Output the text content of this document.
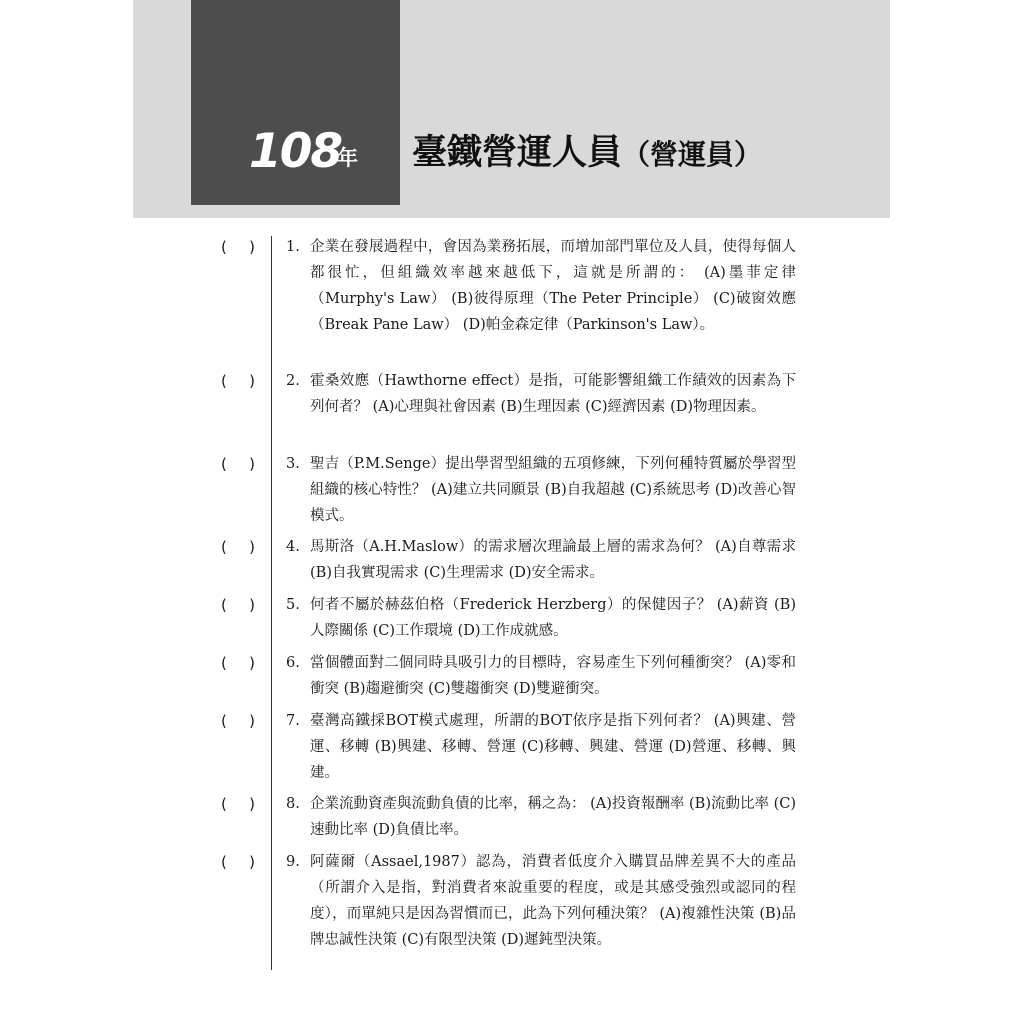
108
年 臺鐵營運人員（營運員）
( ) 1. 企業在發展過程中，會因為業務拓展，而增加部門單位及人員，使得每個人都很忙，但組織效率越來越低下，這就是所謂的： (A)墨菲定律（Murphy's Law） (B)彼得原理（The Peter Principle） (C)破窗效應（Break Pane Law） (D)帕金森定律（Parkinson's Law）。

( ) 2. 霍桑效應（Hawthorne effect）是指，可能影響組織工作績效的因素為下列何者？ (A)心理與社會因素 (B)生理因素 (C)經濟因素 (D)物理因素。

( ) 3. 聖吉（P.M.Senge）提出學習型組織的五項修練，下列何種特質屬於學習型組織的核心特性？ (A)建立共同願景 (B)自我超越 (C)系統思考 (D)改善心智模式。

( ) 4. 馬斯洛（A.H.Maslow）的需求層次理論最上層的需求為何？ (A)自尊需求 (B)自我實現需求 (C)生理需求 (D)安全需求。

( ) 5. 何者不屬於赫茲伯格（Frederick Herzberg）的保健因子？ (A)薪資 (B)人際關係 (C)工作環境 (D)工作成就感。

( ) 6. 當個體面對二個同時具吸引力的目標時，容易產生下列何種衝突？ (A)零和衝突 (B)趨避衝突 (C)雙趨衝突 (D)雙避衝突。

( ) 7. 臺灣高鐵採BOT模式處理，所謂的BOT依序是指下列何者？ (A)興建、營運、移轉 (B)興建、移轉、營運 (C)移轉、興建、營運 (D)營運、移轉、興建。

( ) 8. 企業流動資產與流動負債的比率，稱之為： (A)投資報酬率 (B)流動比率 (C)速動比率 (D)負債比率。

( ) 9. 阿薩爾（Assael,1987）認為，消費者低度介入購買品牌差異不大的產品（所謂介入是指，對消費者來說重要的程度，或是其感受強烈或認同的程度），而單純只是因為習慣而已，此為下列何種決策？ (A)複雜性決策 (B)品牌忠誠性決策 (C)有限型決策 (D)遲鈍型決策。
